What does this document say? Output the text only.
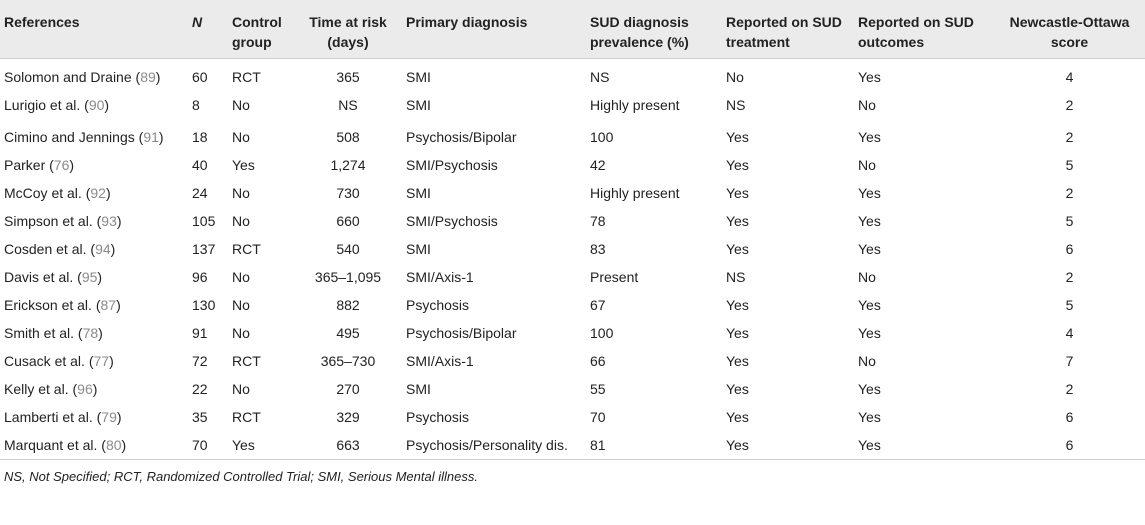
References	N	Control group	Time at risk (days)	Primary diagnosis	SUD diagnosis prevalence (%)	Reported on SUD treatment	Reported on SUD outcomes	Newcastle-Ottawa score
Solomon and Draine (89)	60	RCT	365	SMI	NS	No	Yes	4
Lurigio et al. (90)	8	No	NS	SMI	Highly present	NS	No	2
Cimino and Jennings (91)	18	No	508	Psychosis/Bipolar	100	Yes	Yes	2
Parker (76)	40	Yes	1,274	SMI/Psychosis	42	Yes	No	5
McCoy et al. (92)	24	No	730	SMI	Highly present	Yes	Yes	2
Simpson et al. (93)	105	No	660	SMI/Psychosis	78	Yes	Yes	5
Cosden et al. (94)	137	RCT	540	SMI	83	Yes	Yes	6
Davis et al. (95)	96	No	365–1,095	SMI/Axis-1	Present	NS	No	2
Erickson et al. (87)	130	No	882	Psychosis	67	Yes	Yes	5
Smith et al. (78)	91	No	495	Psychosis/Bipolar	100	Yes	Yes	4
Cusack et al. (77)	72	RCT	365–730	SMI/Axis-1	66	Yes	No	7
Kelly et al. (96)	22	No	270	SMI	55	Yes	Yes	2
Lamberti et al. (79)	35	RCT	329	Psychosis	70	Yes	Yes	6
Marquant et al. (80)	70	Yes	663	Psychosis/Personality dis.	81	Yes	Yes	6

NS, Not Specified; RCT, Randomized Controlled Trial; SMI, Serious Mental illness.								
